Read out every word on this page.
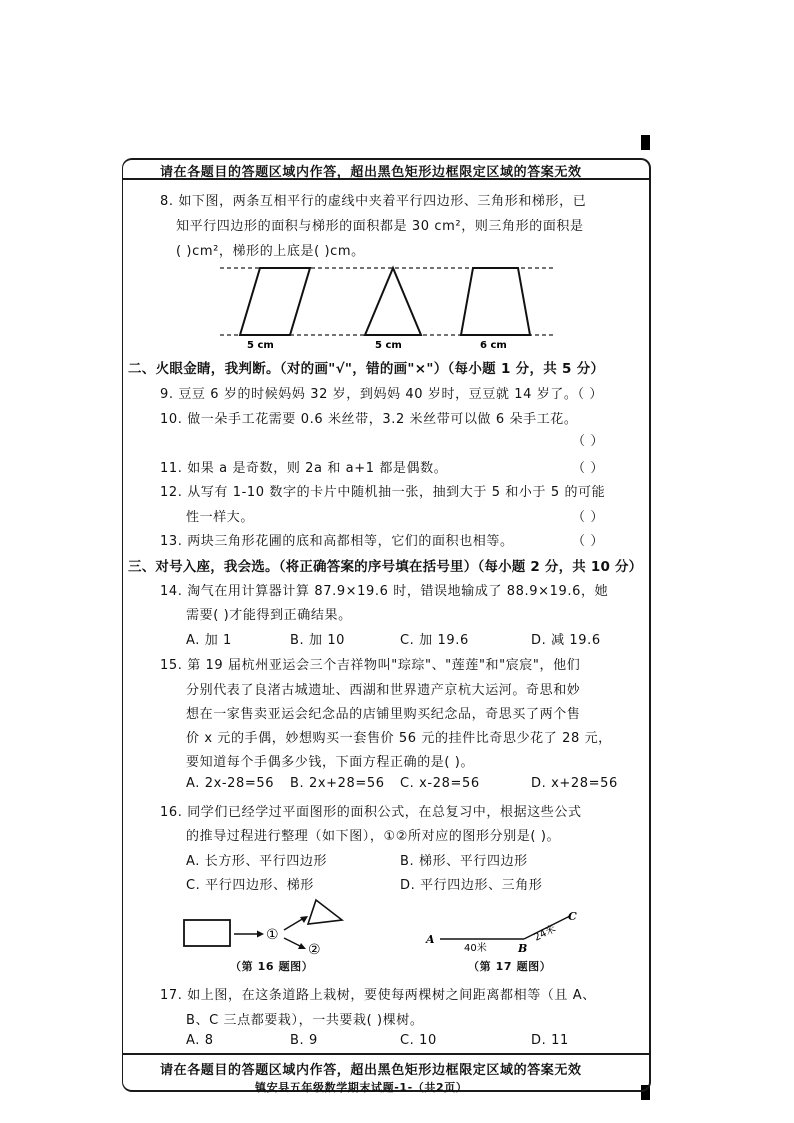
请在各题目的答题区域内作答，超出黑色矩形边框限定区域的答案无效
8. 如下图，两条互相平行的虚线中夹着平行四边形、三角形和梯形，已
知平行四边形的面积与梯形的面积都是 30 cm²，则三角形的面积是
( )cm²，梯形的上底是( )cm。
5 cm	5 cm	6 cm
二、火眼金睛，我判断。（对的画"√"，错的画"×"）（每小题 1 分，共 5 分）
9. 豆豆 6 岁的时候妈妈 32 岁，到妈妈 40 岁时，豆豆就 14 岁了。（ ）
10. 做一朵手工花需要 0.6 米丝带，3.2 米丝带可以做 6 朵手工花。
（ ）
11. 如果 a 是奇数，则 2a 和 a+1 都是偶数。	（ ）
12. 从写有 1-10 数字的卡片中随机抽一张，抽到大于 5 和小于 5 的可能
性一样大。	（ ）
13. 两块三角形花圃的底和高都相等，它们的面积也相等。	（ ）
三、对号入座，我会选。（将正确答案的序号填在括号里）（每小题 2 分，共 10 分）
14. 淘气在用计算器计算 87.9×19.6 时，错误地输成了 88.9×19.6，她
需要( )才能得到正确结果。
A. 加 1	B. 加 10	C. 加 19.6	D. 减 19.6
15. 第 19 届杭州亚运会三个吉祥物叫"琮琮"、"莲莲"和"宸宸"，他们
分别代表了良渚古城遗址、西湖和世界遗产京杭大运河。奇思和妙
想在一家售卖亚运会纪念品的店铺里购买纪念品，奇思买了两个售
价 x 元的手偶，妙想购买一套售价 56 元的挂件比奇思少花了 28 元，
要知道每个手偶多少钱，下面方程正确的是( )。
A. 2x-28=56 B. 2x+28=56 C. x-28=56	D. x+28=56
16. 同学们已经学过平面图形的面积公式，在总复习中，根据这些公式
的推导过程进行整理（如下图），①②所对应的图形分别是( )。
A. 长方形、平行四边形	B. 梯形、平行四边形
C. 平行四边形、梯形	D. 平行四边形、三角形
①
②
（第 16 题图）
A
B
C
40米
24米
（第 17 题图）
17. 如上图，在这条道路上栽树，要使每两棵树之间距离都相等（且 A、
B、C 三点都要栽），一共要栽( )棵树。
A. 8	B. 9	C. 10	D. 11
请在各题目的答题区域内作答，超出黑色矩形边框限定区域的答案无效
镇安县五年级数学期末试题-1-（共2页）
